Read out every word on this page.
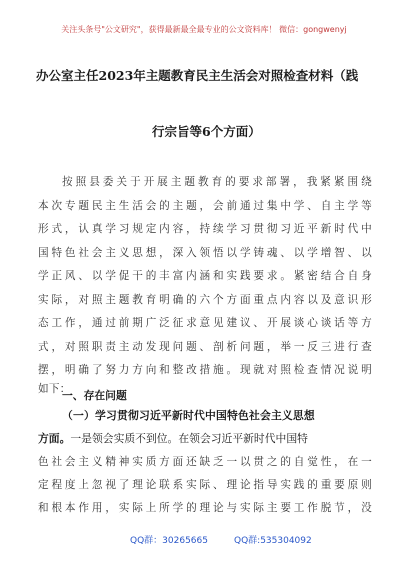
关注头条号"公文研究"，获得最新最全最专业的公文资料库！ 微信：gongwenyj
办公室主任2023年主题教育民主生活会对照检查材料（践
行宗旨等6个方面）
按照县委关于开展主题教育的要求部署，我紧紧围绕
本次专题民主生活会的主题，会前通过集中学、自主学等
形式，认真学习规定内容，持续学习贯彻习近平新时代中
国特色社会主义思想，深入领悟以学铸魂、以学增智、以
学正风、以学促干的丰富内涵和实践要求。紧密结合自身
实际，对照主题教育明确的六个方面重点内容以及意识形
态工作，通过前期广泛征求意见建议、开展谈心谈话等方
式，对照职责主动发现问题、剖析问题，举一反三进行查
摆，明确了努力方向和整改措施。现就对照检查情况说明
如下：
一、存在问题
（一）学习贯彻习近平新时代中国特色社会主义思想
方面。一是领会实质不到位。在领会习近平新时代中国特
色社会主义精神实质方面还缺乏一以贯之的自觉性，在一
定程度上忽视了理论联系实际、理论指导实践的重要原则
和根本作用，实际上所学的理论与实际主要工作脱节，没
QQ群：30265665	QQ群:535304092
